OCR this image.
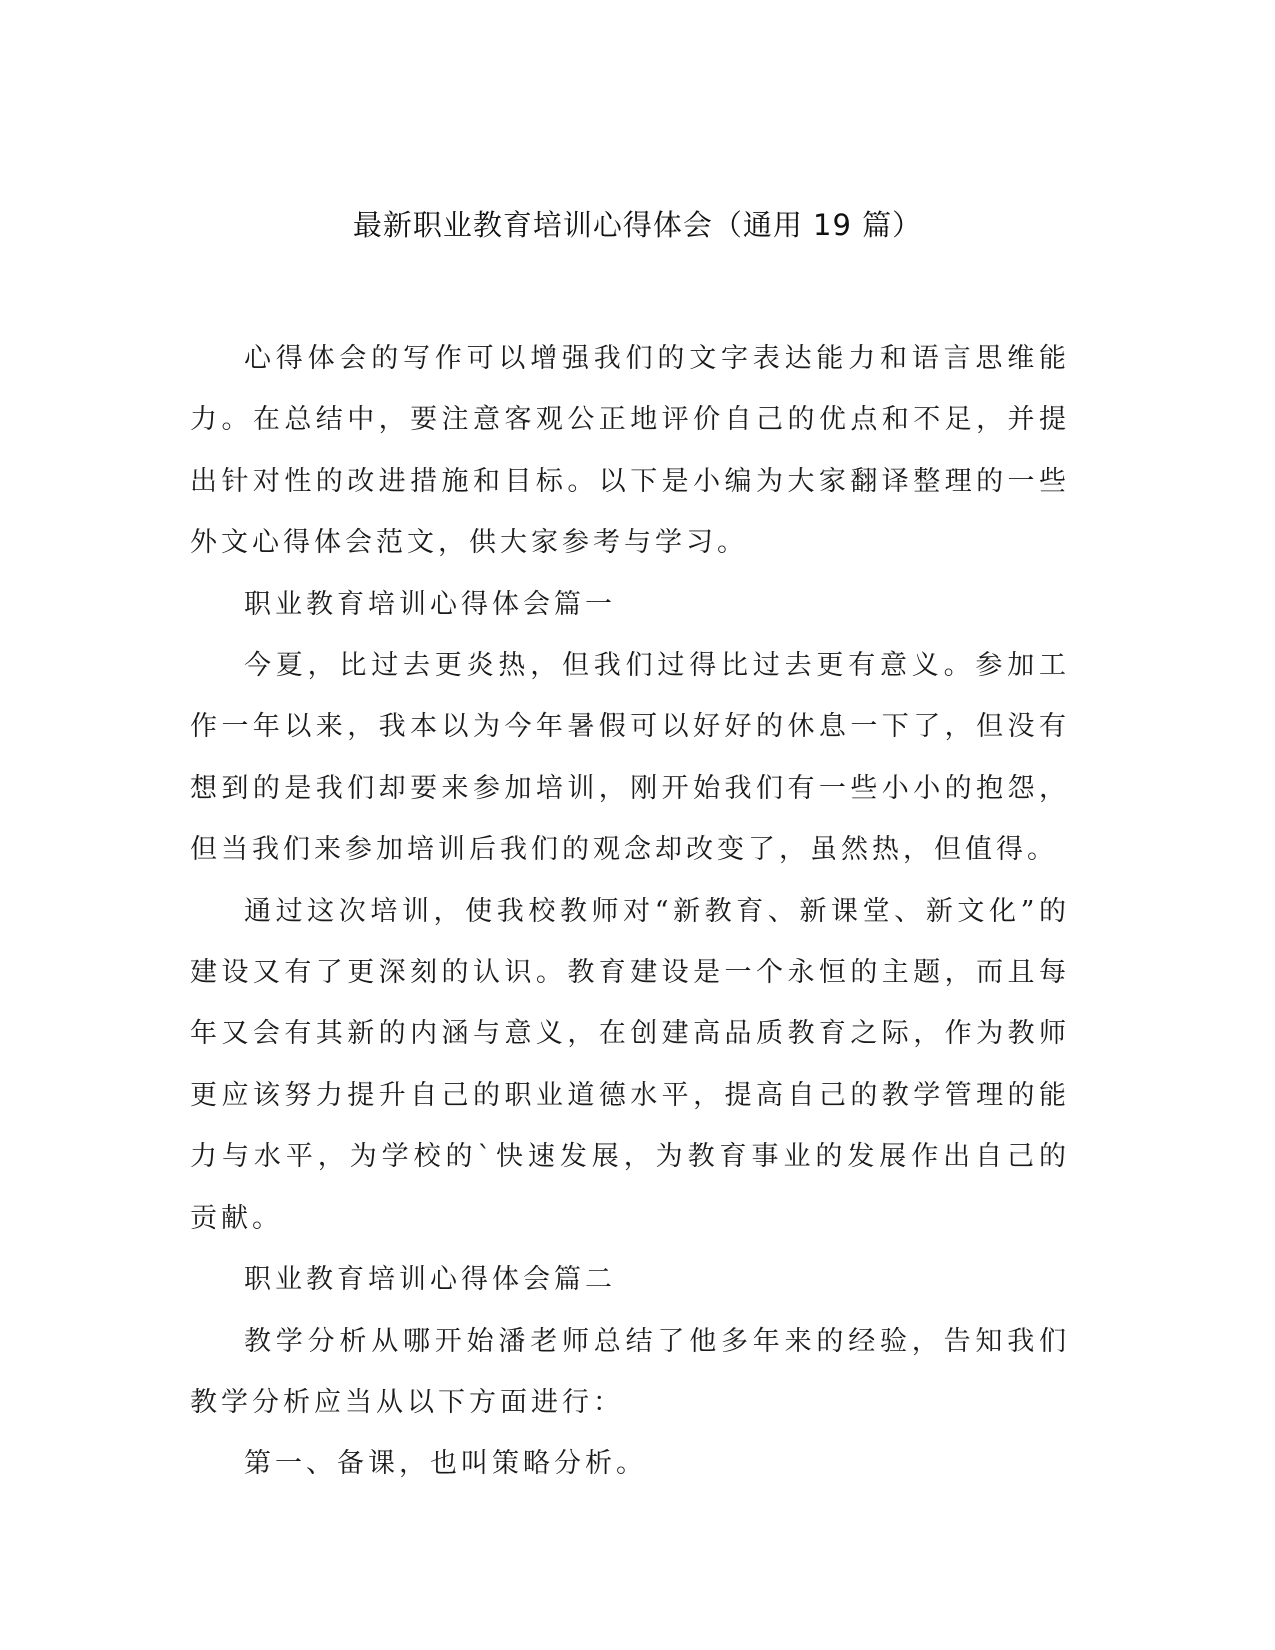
最新职业教育培训心得体会（通用 19 篇）

心得体会的写作可以增强我们的文字表达能力和语言思维能力。在总结中，要注意客观公正地评价自己的优点和不足，并提出针对性的改进措施和目标。以下是小编为大家翻译整理的一些外文心得体会范文，供大家参考与学习。

职业教育培训心得体会篇一

今夏，比过去更炎热，但我们过得比过去更有意义。参加工作一年以来，我本以为今年暑假可以好好的休息一下了，但没有想到的是我们却要来参加培训，刚开始我们有一些小小的抱怨，但当我们来参加培训后我们的观念却改变了，虽然热，但值得。

通过这次培训，使我校教师对“新教育、新课堂、新文化”的建设又有了更深刻的认识。教育建设是一个永恒的主题，而且每年又会有其新的内涵与意义，在创建高品质教育之际，作为教师更应该努力提升自己的职业道德水平，提高自己的教学管理的能力与水平，为学校的`快速发展，为教育事业的发展作出自己的贡献。

职业教育培训心得体会篇二

教学分析从哪开始潘老师总结了他多年来的经验，告知我们教学分析应当从以下方面进行：

第一、备课，也叫策略分析。
